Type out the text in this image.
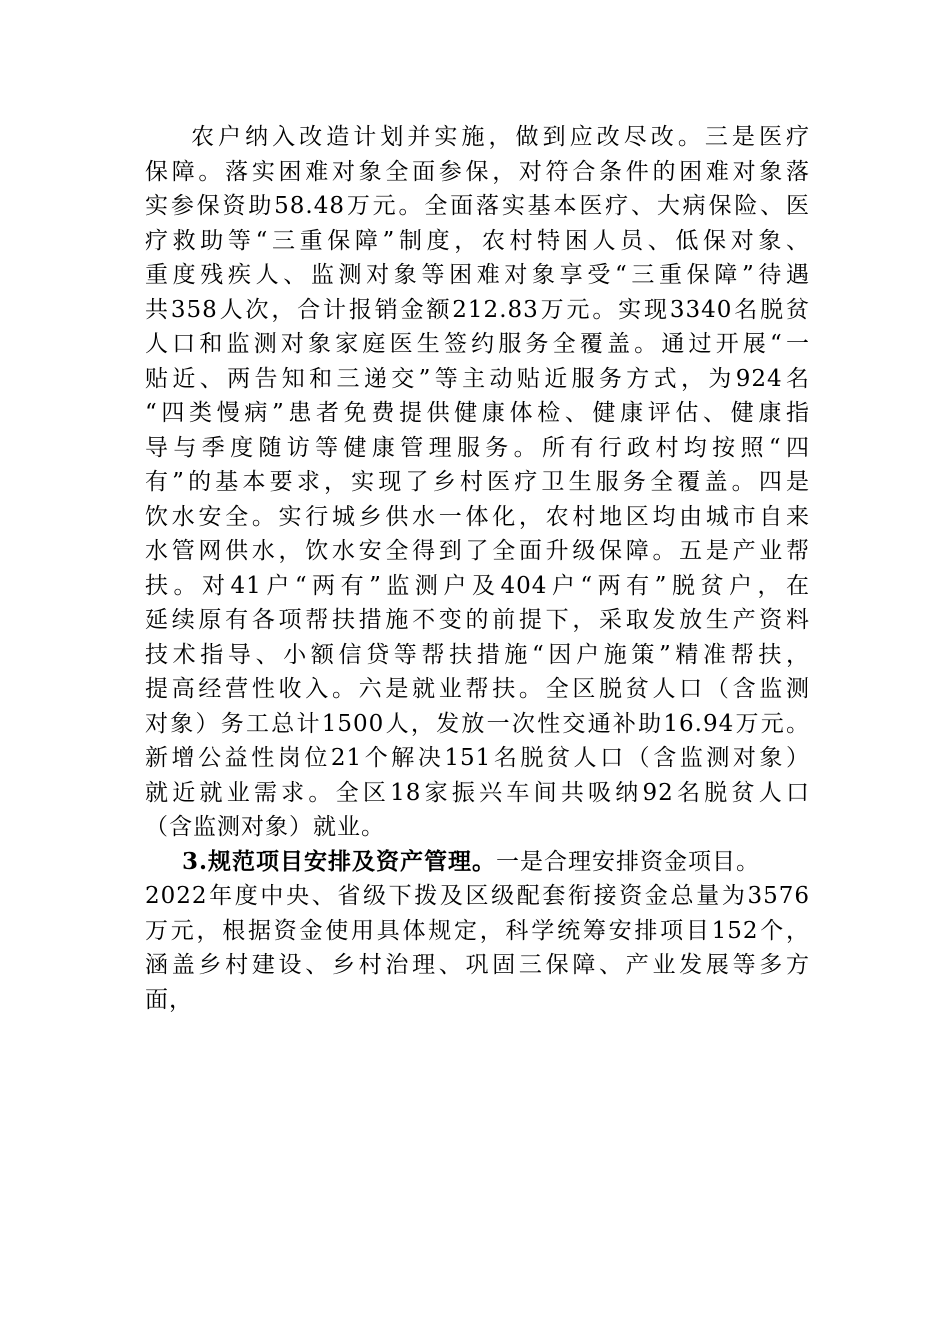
农户纳入改造计划并实施，做到应改尽改。三是医疗
保障。落实困难对象全面参保，对符合条件的困难对象落
实参保资助58.48万元。全面落实基本医疗、大病保险、医
疗救助等“三重保障”制度，农村特困人员、低保对象、
重度残疾人、监测对象等困难对象享受“三重保障”待遇
共358人次，合计报销金额212.83万元。实现3340名脱贫
人口和监测对象家庭医生签约服务全覆盖。通过开展“一
贴近、两告知和三递交”等主动贴近服务方式，为924名
“四类慢病”患者免费提供健康体检、健康评估、健康指
导与季度随访等健康管理服务。所有行政村均按照“四
有”的基本要求，实现了乡村医疗卫生服务全覆盖。四是
饮水安全。实行城乡供水一体化，农村地区均由城市自来
水管网供水，饮水安全得到了全面升级保障。五是产业帮
扶。对41户“两有”监测户及404户“两有”脱贫户，在
延续原有各项帮扶措施不变的前提下，采取发放生产资料
技术指导、小额信贷等帮扶措施“因户施策”精准帮扶，
提高经营性收入。六是就业帮扶。全区脱贫人口（含监测
对象）务工总计1500人，发放一次性交通补助16.94万元。
新增公益性岗位21个解决151名脱贫人口（含监测对象）
就近就业需求。全区18家振兴车间共吸纳92名脱贫人口
（含监测对象）就业。
3.规范项目安排及资产管理。一是合理安排资金项目。
2022年度中央、省级下拨及区级配套衔接资金总量为3576
万元，根据资金使用具体规定，科学统筹安排项目152个，
涵盖乡村建设、乡村治理、巩固三保障、产业发展等多方
面，
